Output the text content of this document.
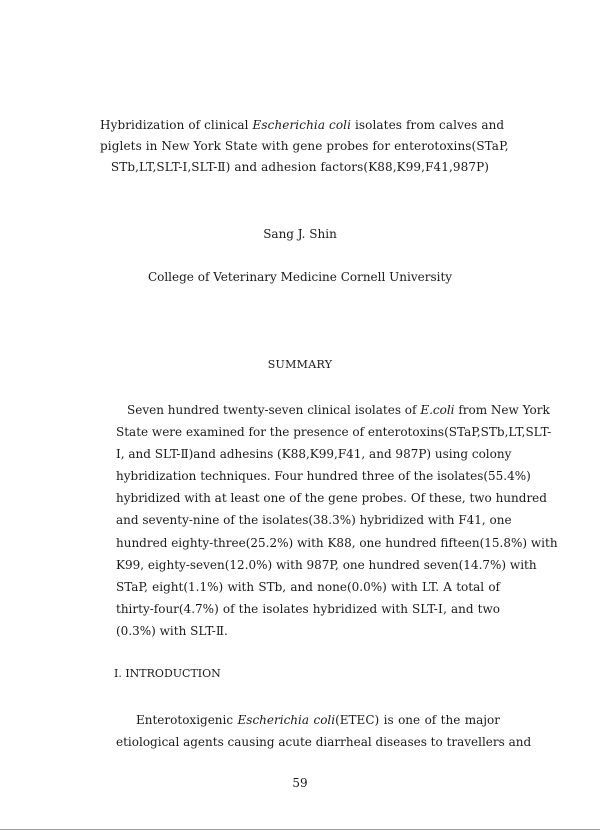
Hybridization of clinical Escherichia coli isolates from calves and
piglets in New York State with gene probes for enterotoxins(STaP,
STb,LT,SLT-Ⅰ,SLT-Ⅱ) and adhesion factors(K88,K99,F41,987P)
Sang J. Shin
College of Veterinary Medicine Cornell University
SUMMARY
Seven hundred twenty-seven clinical isolates of E.coli from New York
State were examined for the presence of enterotoxins(STaP,STb,LT,SLT-
Ⅰ, and SLT-Ⅱ)and adhesins (K88,K99,F41, and 987P) using colony
hybridization techniques. Four hundred three of the isolates(55.4%)
hybridized with at least one of the gene probes. Of these, two hundred
and seventy-nine of the isolates(38.3%) hybridized with F41, one
hundred eighty-three(25.2%) with K88, one hundred fifteen(15.8%) with
K99, eighty-seven(12.0%) with 987P, one hundred seven(14.7%) with
STaP, eight(1.1%) with STb, and none(0.0%) with LT. A total of
thirty-four(4.7%) of the isolates hybridized with SLT-Ⅰ, and two
(0.3%) with SLT-Ⅱ.
Ⅰ. INTRODUCTION
Enterotoxigenic Escherichia coli(ETEC) is one of the major
etiological agents causing acute diarrheal diseases to travellers and
59
